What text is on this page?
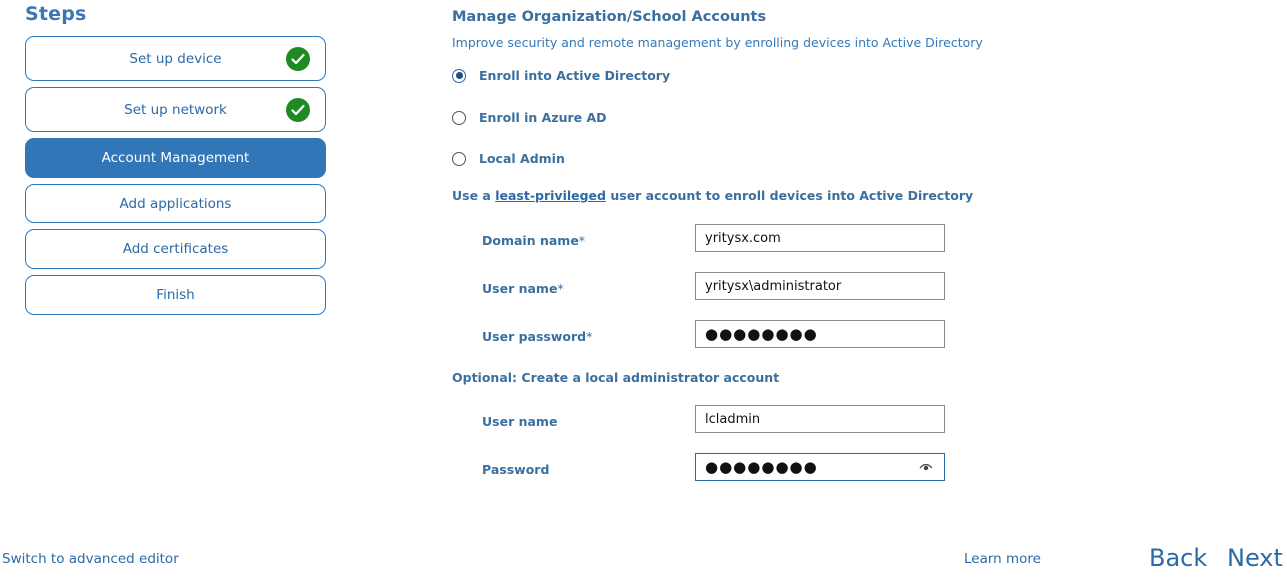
Steps
Set up device
Set up network
Account Management
Add applications
Add certificates
Finish
Manage Organization/School Accounts
Improve security and remote management by enrolling devices into Active Directory
Enroll into Active Directory
Enroll in Azure AD
Local Admin
Use a least-privileged user account to enroll devices into Active Directory
Domain name*
yritysx.com
User name*
yritysx\administrator
User password*
●●●●●●●●
Optional: Create a local administrator account
User name
lcladmin
Password
●●●●●●●●
Switch to advanced editor	Learn more	Back Next
